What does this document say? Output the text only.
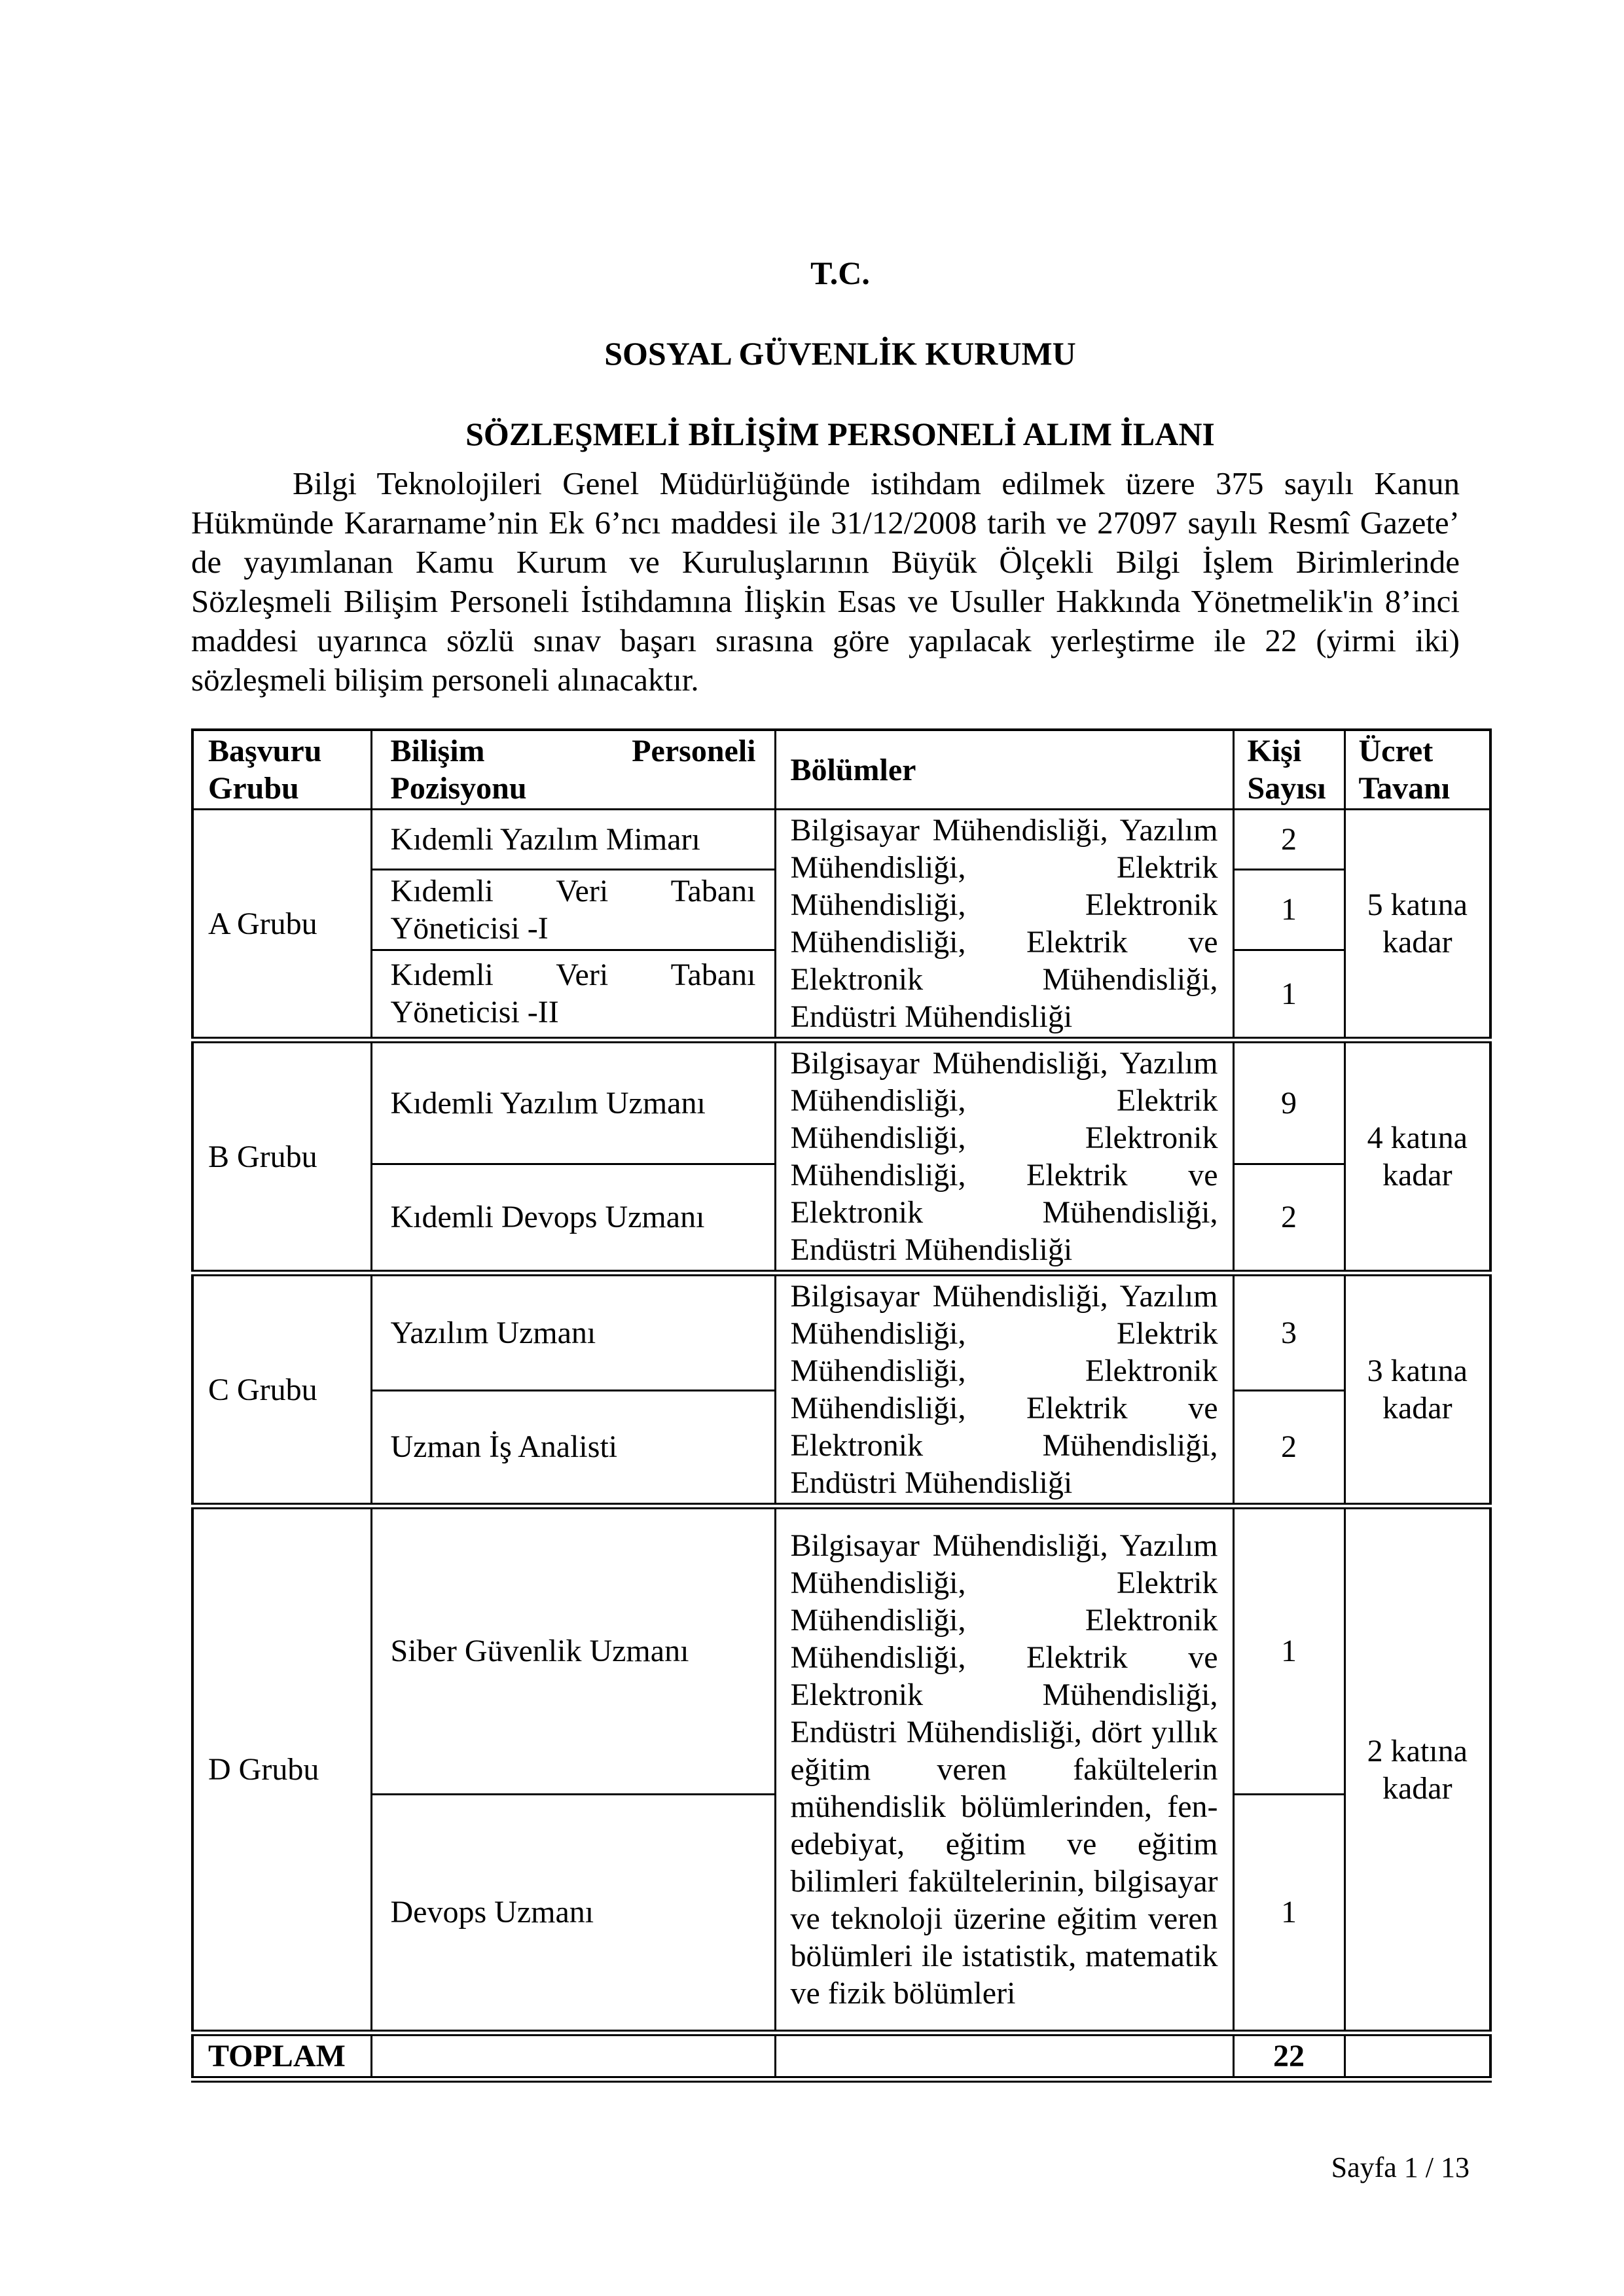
T.C.
SOSYAL GÜVENLİK KURUMU
SÖZLEŞMELİ BİLİŞİM PERSONELİ ALIM İLANI

Bilgi Teknolojileri Genel Müdürlüğünde istihdam edilmek üzere 375 sayılı Kanun Hükmünde Kararname’nin Ek 6’ncı maddesi ile 31/12/2008 tarih ve 27097 sayılı Resmî Gazete’ de yayımlanan Kamu Kurum ve Kuruluşlarının Büyük Ölçekli Bilgi İşlem Birimlerinde Sözleşmeli Bilişim Personeli İstihdamına İlişkin Esas ve Usuller Hakkında Yönetmelik'in 8’inci maddesi uyarınca sözlü sınav başarı sırasına göre yapılacak yerleştirme ile 22 (yirmi iki) sözleşmeli bilişim personeli alınacaktır.

Başvuru Grubu	Bilişim Personeli Pozisyonu	Bölümler	Kişi Sayısı	Ücret Tavanı
A Grubu	Kıdemli Yazılım Mimarı	Bilgisayar Mühendisliği, Yazılım Mühendisliği, Elektrik Mühendisliği, Elektronik Mühendisliği, Elektrik ve Elektronik Mühendisliği, Endüstri Mühendisliği	2	5 katına kadar
	Kıdemli Veri Tabanı Yöneticisi -I		1	
	Kıdemli Veri Tabanı Yöneticisi -II		1	
B Grubu	Kıdemli Yazılım Uzmanı	Bilgisayar Mühendisliği, Yazılım Mühendisliği, Elektrik Mühendisliği, Elektronik Mühendisliği, Elektrik ve Elektronik Mühendisliği, Endüstri Mühendisliği	9	4 katına kadar
	Kıdemli Devops Uzmanı		2	
C Grubu	Yazılım Uzmanı	Bilgisayar Mühendisliği, Yazılım Mühendisliği, Elektrik Mühendisliği, Elektronik Mühendisliği, Elektrik ve Elektronik Mühendisliği, Endüstri Mühendisliği	3	3 katına kadar
	Uzman İş Analisti		2	
D Grubu	Siber Güvenlik Uzmanı	Bilgisayar Mühendisliği, Yazılım Mühendisliği, Elektrik Mühendisliği, Elektronik Mühendisliği, Elektrik ve Elektronik Mühendisliği, Endüstri Mühendisliği, dört yıllık eğitim veren fakültelerin mühendislik bölümlerinden, fen-edebiyat, eğitim ve eğitim bilimleri fakültelerinin, bilgisayar ve teknoloji üzerine eğitim veren bölümleri ile istatistik, matematik ve fizik bölümleri	1	2 katına kadar
	Devops Uzmanı		1	
TOPLAM			22	
Sayfa 1 / 13
